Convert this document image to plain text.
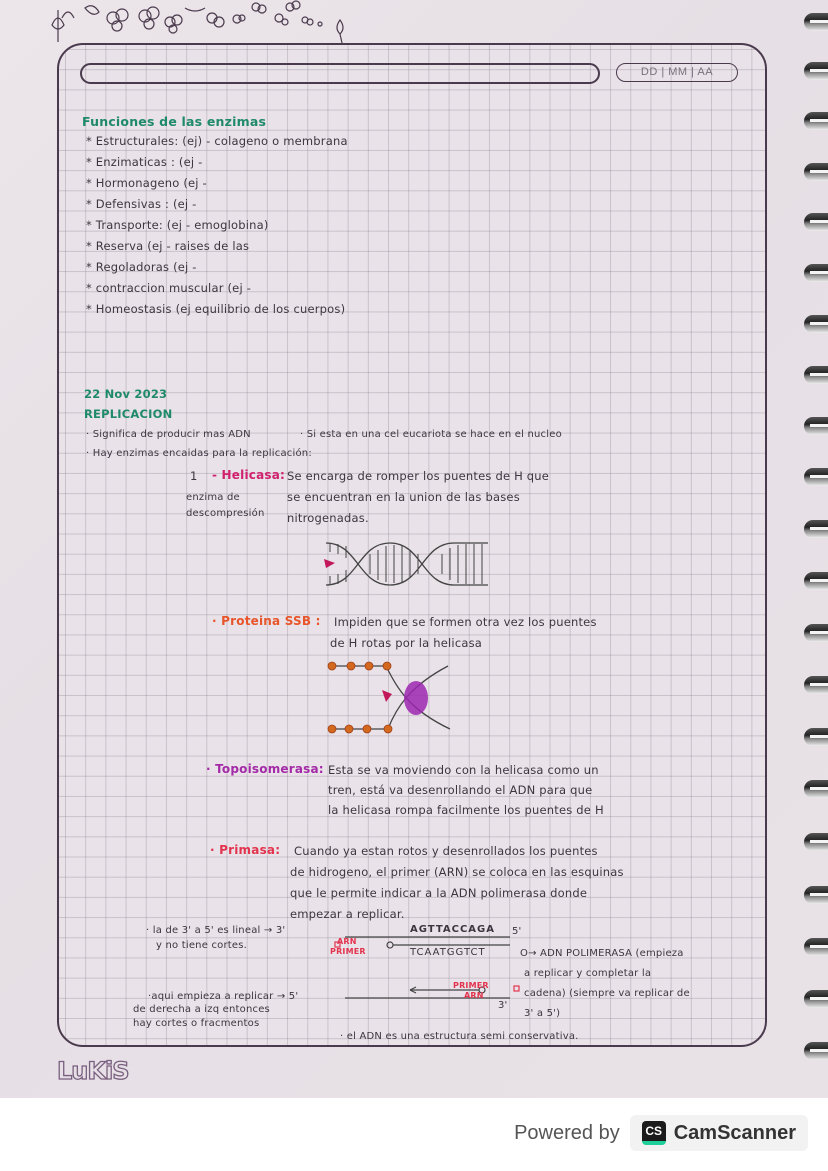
DD | MM | AA
Funciones de las enzimas
* Estructurales: (ej) - colageno o membrana
* Enzimaticas : (ej -
* Hormonageno (ej -
* Defensivas : (ej -
* Transporte: (ej - emoglobina)
* Reserva (ej - raises de las
* Regoladoras (ej -
* contraccion muscular (ej -
* Homeostasis (ej equilibrio de los cuerpos)
22 Nov 2023
REPLICACION
· Significa de producir mas ADN	· Si esta en una cel eucariota se hace en el nucleo
· Hay enzimas encaidas para la replicación:
1 - Helicasa: Se encarga de romper los puentes de H que
se encuentran en la union de las bases
nitrogenadas.
enzima de
descompresión
· Proteina SSB : Impiden que se formen otra vez los puentes
de H rotas por la helicasa
· Topoisomerasa: Esta se va moviendo con la helicasa como un
tren, está va desenrollando el ADN para que
la helicasa rompa facilmente los puentes de H
· Primasa: Cuando ya estan rotos y desenrollados los puentes
de hidrogeno, el primer (ARN) se coloca en las esquinas
que le permite indicar a la ADN polimerasa donde
empezar a replicar.
· la de 3' a 5' es lineal → 3'
y no tiene cortes.
AGTTACCAGA 5'
ARN
PRIMER	TCAATGGTCT	O→ ADN POLIMERASA (empieza
a replicar y completar la
cadena) (siempre va replicar de
3' a 5')
·aqui empieza a replicar → 5'
de derecha a izq entonces
hay cortes o fracmentos
PRIMER
ARN
3'
· el ADN es una estructura semi conservativa.
LuKiS
Powered by	CS CamScanner
